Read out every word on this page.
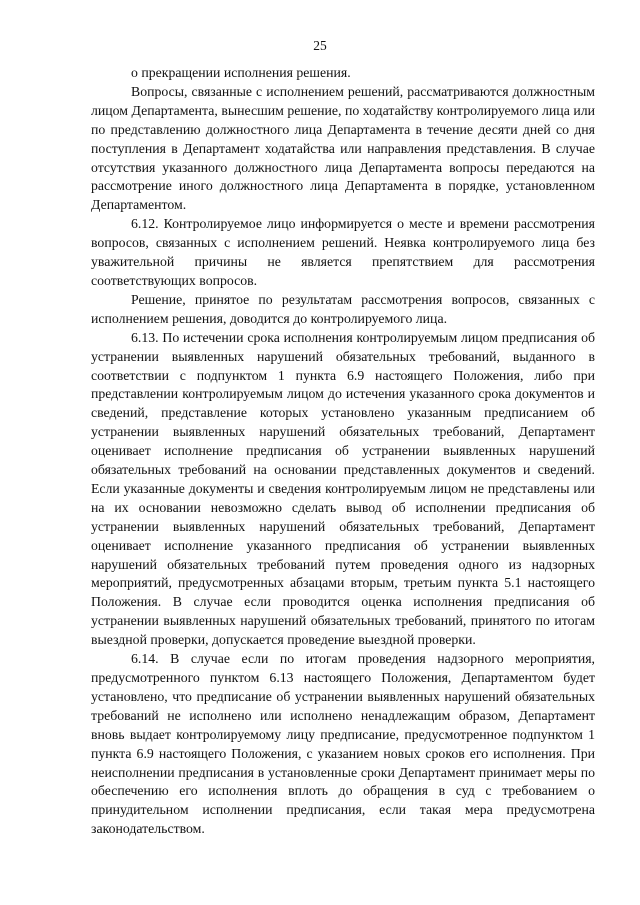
25

о прекращении исполнения решения.

Вопросы, связанные с исполнением решений, рассматриваются должностным лицом Департамента, вынесшим решение, по ходатайству контролируемого лица или по представлению должностного лица Департамента в течение десяти дней со дня поступления в Департамент ходатайства или направления представления. В случае отсутствия указанного должностного лица Департамента вопросы передаются на рассмотрение иного должностного лица Департамента в порядке, установленном Департаментом.

6.12. Контролируемое лицо информируется о месте и времени рассмотрения вопросов, связанных с исполнением решений. Неявка контролируемого лица без уважительной причины не является препятствием для рассмотрения соответствующих вопросов.

Решение, принятое по результатам рассмотрения вопросов, связанных с исполнением решения, доводится до контролируемого лица.

6.13. По истечении срока исполнения контролируемым лицом предписания об устранении выявленных нарушений обязательных требований, выданного в соответствии с подпунктом 1 пункта 6.9 настоящего Положения, либо при представлении контролируемым лицом до истечения указанного срока документов и сведений, представление которых установлено указанным предписанием об устранении выявленных нарушений обязательных требований, Департамент оценивает исполнение предписания об устранении выявленных нарушений обязательных требований на основании представленных документов и сведений. Если указанные документы и сведения контролируемым лицом не представлены или на их основании невозможно сделать вывод об исполнении предписания об устранении выявленных нарушений обязательных требований, Департамент оценивает исполнение указанного предписания об устранении выявленных нарушений обязательных требований путем проведения одного из надзорных мероприятий, предусмотренных абзацами вторым, третьим пункта 5.1 настоящего Положения. В случае если проводится оценка исполнения предписания об устранении выявленных нарушений обязательных требований, принятого по итогам выездной проверки, допускается проведение выездной проверки.

6.14. В случае если по итогам проведения надзорного мероприятия, предусмотренного пунктом 6.13 настоящего Положения, Департаментом будет установлено, что предписание об устранении выявленных нарушений обязательных требований не исполнено или исполнено ненадлежащим образом, Департамент вновь выдает контролируемому лицу предписание, предусмотренное подпунктом 1 пункта 6.9 настоящего Положения, с указанием новых сроков его исполнения. При неисполнении предписания в установленные сроки Департамент принимает меры по обеспечению его исполнения вплоть до обращения в суд с требованием о принудительном исполнении предписания, если такая мера предусмотрена законодательством.
